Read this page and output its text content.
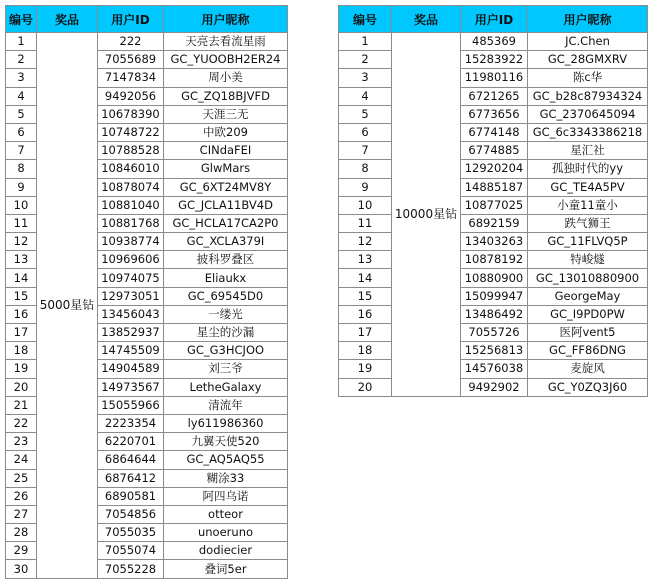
编号	奖品	用户ID	用户昵称
1	5000星钻	222	天亮去看流星雨
2		7055689	GC_YUOOBH2ER24
3		7147834	周小美
4		9492056	GC_ZQ18BJVFD
5		10678390	天涯三无
6		10748722	中欧209
7		10788528	CINdaFEI
8		10846010	GlwMars
9		10878074	GC_6XT24MV8Y
10		10881040	GC_JCLA11BV4D
11		10881768	GC_HCLA17CA2P0
12		10938774	GC_XCLA379I
13		10969606	披科罗叠区
14		10974075	Eliaukx
15		12973051	GC_69545D0
16		13456043	一缕光
17		13852937	星尘的沙漏
18		14745509	GC_G3HCJOO
19		14904589	刘三爷
20		14973567	LetheGalaxy
21		15055966	清流年
22		2223354	ly611986360
23		6220701	九翼天使520
24		6864644	GC_AQ5AQ55
25		6876412	糊涂33
26		6890581	阿四乌诺
27		7054856	otteor
28		7055035	unoeruno
29		7055074	dodiecier
30		7055228	叠词5er
编号	奖品	用户ID	用户昵称
1	10000星钻	485369	JC.Chen
2		15283922	GC_28GMXRV
3		11980116	陈c华
4		6721265	GC_b28c87934324
5		6773656	GC_2370645094
6		6774148	GC_6c3343386218
7		6774885	星汇社
8		12920204	孤独时代的yy
9		14885187	GC_TE4A5PV
10		10877025	小童11童小
11		6892159	跌气狮王
12		13403263	GC_11FLVQ5P
13		10878192	特峻燧
14		10880900	GC_13010880900
15		15099947	GeorgeMay
16		13486492	GC_I9PD0PW
17		7055726	医阿vent5
18		15256813	GC_FF86DNG
19		14576038	麦旋风
20		9492902	GC_Y0ZQ3J60
